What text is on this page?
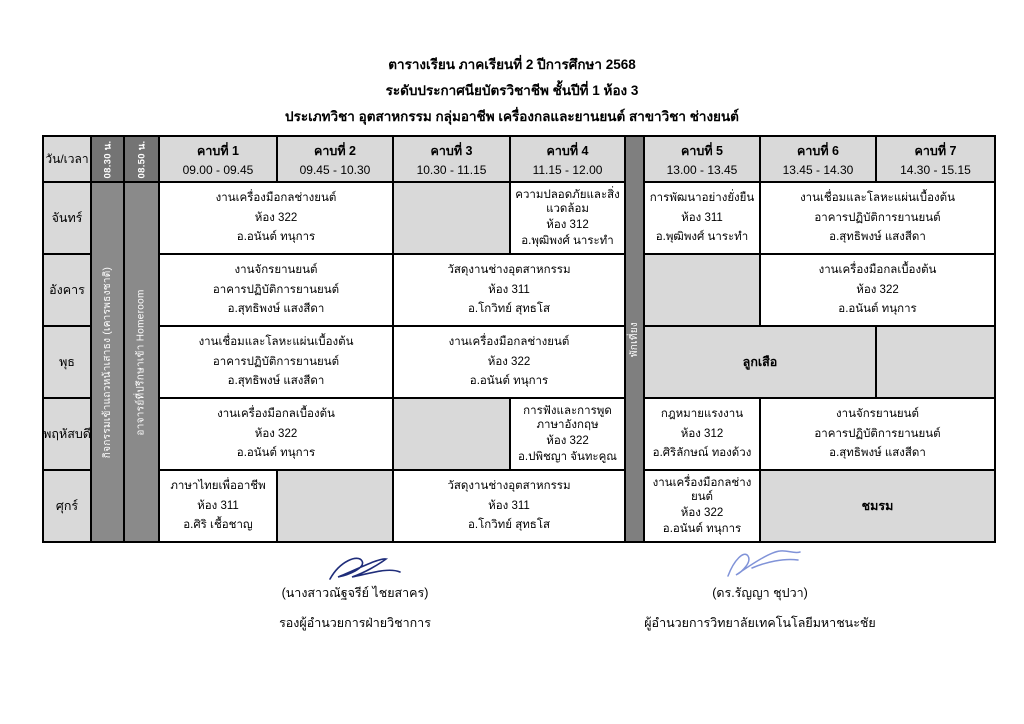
ตารางเรียน ภาคเรียนที่ 2 ปีการศึกษา 2568
ระดับประกาศนียบัตรวิชาชีพ ชั้นปีที่ 1 ห้อง 3
ประเภทวิชา อุตสาหกรรม กลุ่มอาชีพ เครื่องกลและยานยนต์ สาขาวิชา ช่างยนต์
วัน/เวลา 08.30 น. 08.50 น.	คาบที่ 1
09.00 - 09.45
คาบที่ 2
09.45 - 10.30
คาบที่ 3
10.30 - 11.15
คาบที่ 4
11.15 - 12.00
พักเที่ยง
คาบที่ 5
13.00 - 13.45
คาบที่ 6
13.45 - 14.30
คาบที่ 7
14.30 - 15.15
กิจกรรมเข้าแถวหน้าเสาธง (เคารพธงชาติ) อาจารย์ที่ปรึกษาเข้า Homeroom
จันทร์
อังคาร
พุธ
พฤหัสบดี
ศุกร์
งานเครื่องมือกลช่างยนต์
ห้อง 322
อ.อนันต์ ทนุการ
ความปลอดภัยและสิ่งแวดล้อม
ห้อง 312
อ.พุฒิพงศ์ นาระทำ
การพัฒนาอย่างยั่งยืน
ห้อง 311
อ.พุฒิพงศ์ นาระทำ
งานเชื่อมและโลหะแผ่นเบื้องต้น
อาคารปฏิบัติการยานยนต์
อ.สุทธิพงษ์ แสงสีดา
งานจักรยานยนต์
อาคารปฏิบัติการยานยนต์
อ.สุทธิพงษ์ แสงสีดา
วัสดุงานช่างอุตสาหกรรม
ห้อง 311
อ.โกวิทย์ สุทธโส
งานเครื่องมือกลเบื้องต้น
ห้อง 322
อ.อนันต์ ทนุการ
งานเชื่อมและโลหะแผ่นเบื้องต้น
อาคารปฏิบัติการยานยนต์
อ.สุทธิพงษ์ แสงสีดา
งานเครื่องมือกลช่างยนต์
ห้อง 322
อ.อนันต์ ทนุการ
ลูกเสือ
งานเครื่องมือกลเบื้องต้น
ห้อง 322
อ.อนันต์ ทนุการ
การฟังและการพูดภาษาอังกฤษ
ห้อง 322
อ.ปพิชญา จันทะคูณ
กฎหมายแรงงาน
ห้อง 312
อ.ศิริลักษณ์ ทองด้วง
งานจักรยานยนต์
อาคารปฏิบัติการยานยนต์
อ.สุทธิพงษ์ แสงสีดา
ภาษาไทยเพื่ออาชีพ
ห้อง 311
อ.ศิริ เชื้อชาญ
วัสดุงานช่างอุตสาหกรรม
ห้อง 311
อ.โกวิทย์ สุทธโส
งานเครื่องมือกลช่างยนต์
ห้อง 322
อ.อนันต์ ทนุการ
ชมรม
(นางสาวณัฐจรีย์ ไชยสาคร)
รองผู้อำนวยการฝ่ายวิชาการ
(ดร.รัญญา ชุปวา)
ผู้อำนวยการวิทยาลัยเทคโนโลยีมหาชนะชัย
